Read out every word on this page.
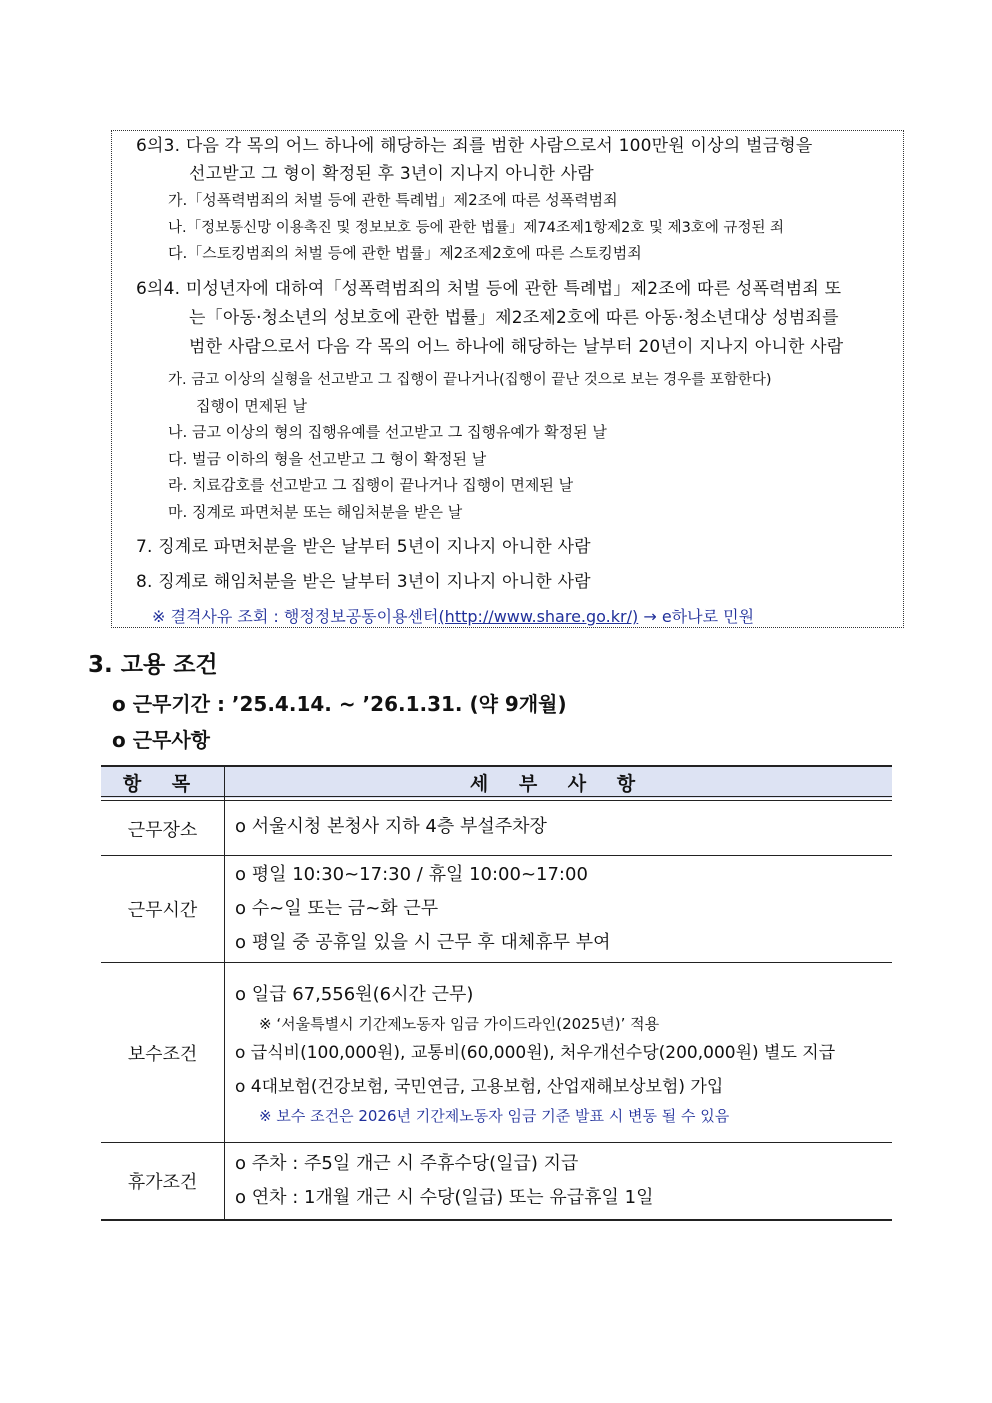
6의3. 다음 각 목의 어느 하나에 해당하는 죄를 범한 사람으로서 100만원 이상의 벌금형을
선고받고 그 형이 확정된 후 3년이 지나지 아니한 사람
가.「성폭력범죄의 처벌 등에 관한 특례법」제2조에 따른 성폭력범죄
나.「정보통신망 이용촉진 및 정보보호 등에 관한 법률」제74조제1항제2호 및 제3호에 규정된 죄
다.「스토킹범죄의 처벌 등에 관한 법률」제2조제2호에 따른 스토킹범죄
6의4. 미성년자에 대하여「성폭력범죄의 처벌 등에 관한 특례법」제2조에 따른 성폭력범죄 또
는「아동·청소년의 성보호에 관한 법률」제2조제2호에 따른 아동·청소년대상 성범죄를
범한 사람으로서 다음 각 목의 어느 하나에 해당하는 날부터 20년이 지나지 아니한 사람
가. 금고 이상의 실형을 선고받고 그 집행이 끝나거나(집행이 끝난 것으로 보는 경우를 포함한다)
집행이 면제된 날
나. 금고 이상의 형의 집행유예를 선고받고 그 집행유예가 확정된 날
다. 벌금 이하의 형을 선고받고 그 형이 확정된 날
라. 치료감호를 선고받고 그 집행이 끝나거나 집행이 면제된 날
마. 징계로 파면처분 또는 해임처분을 받은 날
7. 징계로 파면처분을 받은 날부터 5년이 지나지 아니한 사람
8. 징계로 해임처분을 받은 날부터 3년이 지나지 아니한 사람
※ 결격사유 조회 : 행정정보공동이용센터(http://www.share.go.kr/) → e하나로 민원
3. 고용 조건
o 근무기간 : ’25.4.14. ~ ’26.1.31. (약 9개월)
o 근무사항
항 목	세 부 사 항
근무장소	o 서울시청 본청사 지하 4층 부설주차장

근무시간	o 평일 10:30~17:30 / 휴일 10:00~17:00
o 수~일 또는 금~화 근무
o 평일 중 공휴일 있을 시 근무 후 대체휴무 부여

보수조건	o 일급 67,556원(6시간 근무)
※ ‘서울특별시 기간제노동자 임금 가이드라인(2025년)’ 적용
o 급식비(100,000원), 교통비(60,000원), 처우개선수당(200,000원) 별도 지급
o 4대보험(건강보험, 국민연금, 고용보험, 산업재해보상보험) 가입
※ 보수 조건은 2026년 기간제노동자 임금 기준 발표 시 변동 될 수 있음

휴가조건	o 주차 : 주5일 개근 시 주휴수당(일급) 지급
o 연차 : 1개월 개근 시 수당(일급) 또는 유급휴일 1일
